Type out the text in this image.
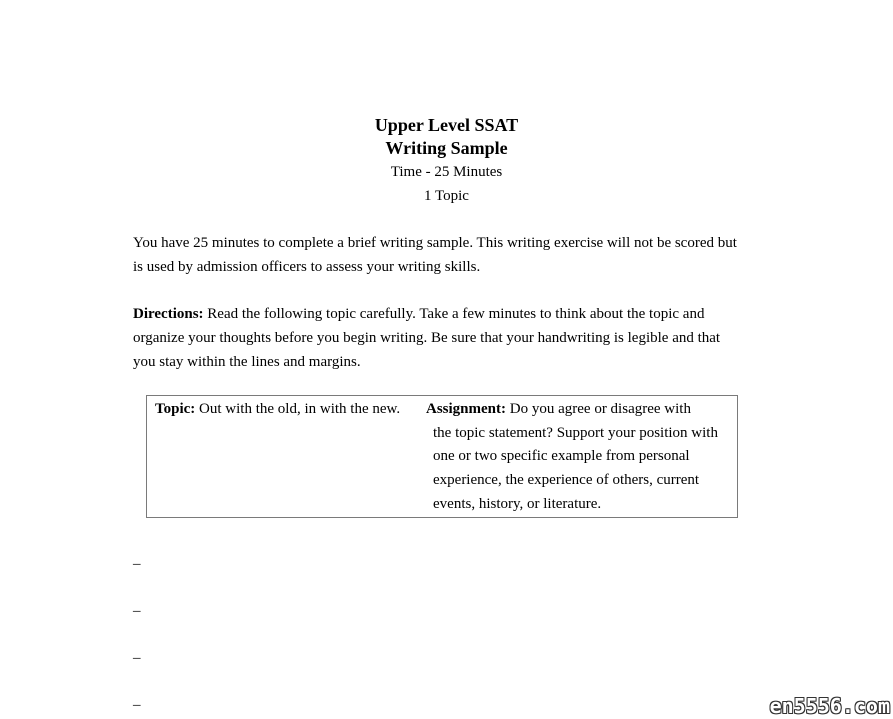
Upper Level SSAT
Writing Sample
Time - 25 Minutes
1 Topic

You have 25 minutes to complete a brief writing sample. This writing exercise will not be scored but is used by admission officers to assess your writing skills.

Directions: Read the following topic carefully. Take a few minutes to think about the topic and organize your thoughts before you begin writing. Be sure that your handwriting is legible and that you stay within the lines and margins.

Topic: Out with the old, in with the new. Assignment: Do you agree or disagree with
the topic statement? Support your position with one or two specific example from personal experience, the experience of others, current events, history, or literature.
_
_
_
_	en5556.com
